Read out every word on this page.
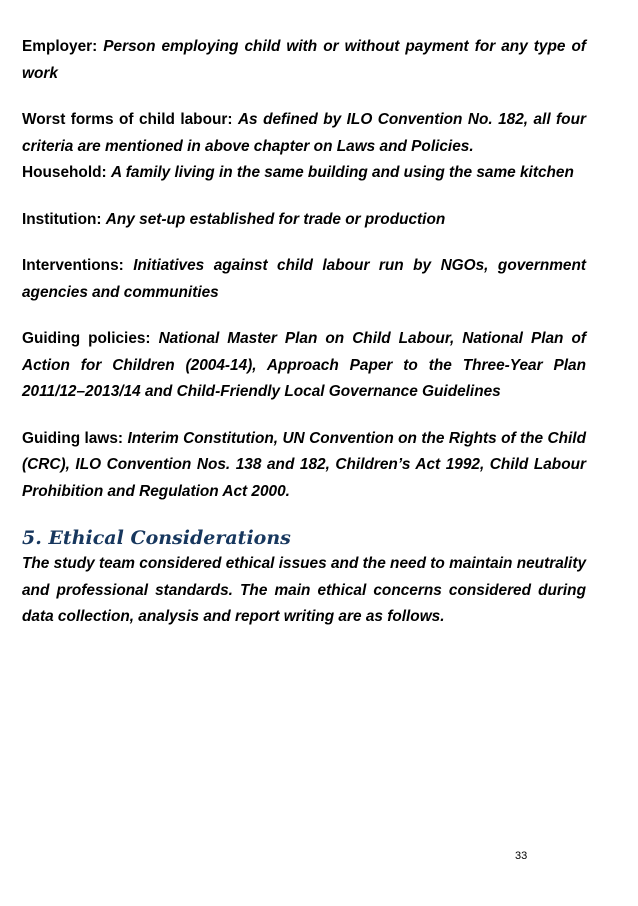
Employer: Person employing child with or without payment for any type of work

Worst forms of child labour: As defined by ILO Convention No. 182, all four criteria are mentioned in above chapter on Laws and Policies.

Household: A family living in the same building and using the same kitchen

Institution: Any set-up established for trade or production

Interventions: Initiatives against child labour run by NGOs, government agencies and communities

Guiding policies: National Master Plan on Child Labour, National Plan of Action for Children (2004-14), Approach Paper to the Three-Year Plan 2011/12–2013/14 and Child-Friendly Local Governance Guidelines

Guiding laws: Interim Constitution, UN Convention on the Rights of the Child (CRC), ILO Convention Nos. 138 and 182, Children’s Act 1992, Child Labour Prohibition and Regulation Act 2000.

5. Ethical Considerations

The study team considered ethical issues and the need to maintain neutrality and professional standards. The main ethical concerns considered during data collection, analysis and report writing are as follows.

33
